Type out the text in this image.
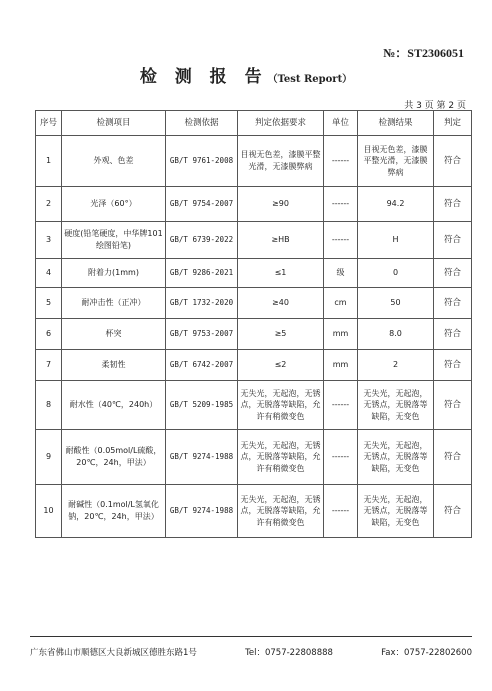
№：ST2306051
检 测 报 告（Test Report）
共 3 页 第 2 页
序号	检测项目	检测依据	判定依据要求	单位	检测结果	判定
1	外观、色差	GB/T 9761-2008	目视无色差，漆膜平整光滑，无漆膜弊病	------	目视无色差，漆膜平整光滑，无漆膜弊病	符合
2	光泽（60°）	GB/T 9754-2007	≥90	------	94.2	符合
3	硬度(铅笔硬度，中华牌101绘图铅笔)	GB/T 6739-2022	≥HB	------	H	符合
4	附着力(1mm)	GB/T 9286-2021	≤1	级	0	符合
5	耐冲击性（正冲）	GB/T 1732-2020	≥40	cm	50	符合
6	杯突	GB/T 9753-2007	≥5	mm	8.0	符合
7	柔韧性	GB/T 6742-2007	≤2	mm	2	符合
8	耐水性（40℃，240h）	GB/T 5209-1985	无失光，无起泡，无锈点，无脱落等缺陷，允许有稍微变色	------	无失光，无起泡，无锈点，无脱落等缺陷，无变色	符合
9	耐酸性（0.05mol/L硫酸，20℃，24h，甲法）	GB/T 9274-1988	无失光，无起泡，无锈点，无脱落等缺陷，允许有稍微变色	------	无失光，无起泡，无锈点，无脱落等缺陷，无变色	符合
10	耐碱性（0.1mol/L氢氧化钠，20℃，24h，甲法）	GB/T 9274-1988	无失光，无起泡，无锈点，无脱落等缺陷，允许有稍微变色	------	无失光，无起泡，无锈点，无脱落等缺陷，无变色	符合
广东省佛山市顺德区大良新城区德胜东路1号	Tel：0757-22808888	Fax：0757-22802600
